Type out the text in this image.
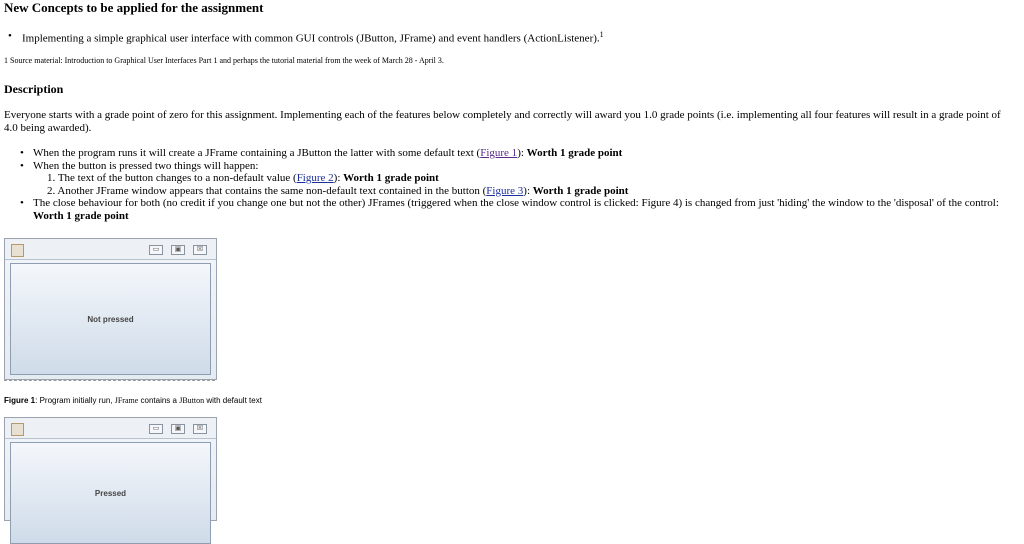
New Concepts to be applied for the assignment
• Implementing a simple graphical user interface with common GUI controls (JButton, JFrame) and event handlers (ActionListener).$^1$
1 Source material: Introduction to Graphical User Interfaces Part 1 and perhaps the tutorial material from the week of March 28 - April 3.
Description
Everyone starts with a grade point of zero for this assignment. Implementing each of the features below completely and correctly will award you 1.0 grade points (i.e. implementing all four features will result in a grade point of 4.0 being awarded).
• When the program runs it will create a JFrame containing a JButton the latter with some default text (Figure 1): Worth 1 grade point
• When the button is pressed two things will happen:
1. The text of the button changes to a non-default value (Figure 2): Worth 1 grade point
2. Another JFrame window appears that contains the same non-default text contained in the button (Figure 3): Worth 1 grade point
• The close behaviour for both (no credit if you change one but not the other) JFrames (triggered when the close window control is clicked: Figure 4) is changed from just 'hiding' the window to the 'disposal' of the control: Worth 1 grade point
▭	▣	☒
Not pressed
Figure 1: Program initially run, JFrame contains a JButton with default text
▭	▣	☒
Pressed
